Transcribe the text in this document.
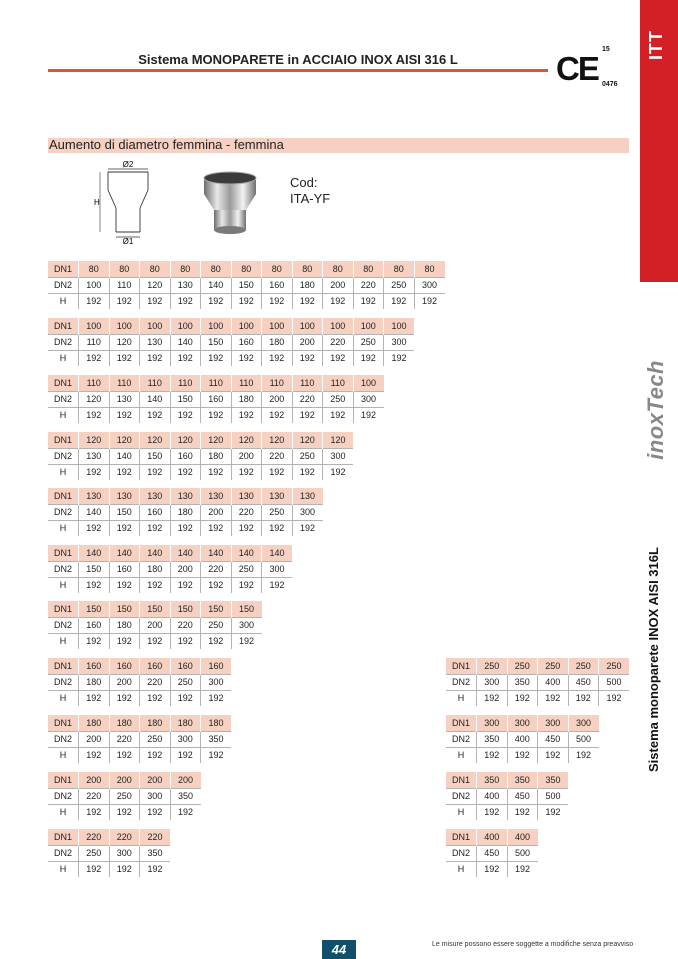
Sistema MONOPARETE in ACCIAIO INOX AISI 316 L	CE
15
0476
ITT
inoxTech
Sistema monoparete INOX AISI 316L
Aumento di diametro femmina - femmina
Ø2
H
Ø1
Cod:
ITA-YF
DN1	80	80	80	80	80	80	80	80	80	80	80	80
DN2	100	110	120	130	140	150	160	180	200	220	250	300
H	192	192	192	192	192	192	192	192	192	192	192	192
DN1	100	100	100	100	100	100	100	100	100	100	100
DN2	110	120	130	140	150	160	180	200	220	250	300
H	192	192	192	192	192	192	192	192	192	192	192
DN1	110	110	110	110	110	110	110	110	110	100
DN2	120	130	140	150	160	180	200	220	250	300
H	192	192	192	192	192	192	192	192	192	192
DN1	120	120	120	120	120	120	120	120	120
DN2	130	140	150	160	180	200	220	250	300
H	192	192	192	192	192	192	192	192	192
DN1	130	130	130	130	130	130	130	130
DN2	140	150	160	180	200	220	250	300
H	192	192	192	192	192	192	192	192
DN1	140	140	140	140	140	140	140
DN2	150	160	180	200	220	250	300
H	192	192	192	192	192	192	192
DN1	150	150	150	150	150	150
DN2	160	180	200	220	250	300
H	192	192	192	192	192	192
DN1	160	160	160	160	160
DN2	180	200	220	250	300
H	192	192	192	192	192
DN1	180	180	180	180	180
DN2	200	220	250	300	350
H	192	192	192	192	192
DN1	200	200	200	200
DN2	220	250	300	350
H	192	192	192	192
DN1	220	220	220
DN2	250	300	350
H	192	192	192
DN1	250	250	250	250	250
DN2	300	350	400	450	500
H	192	192	192	192	192
DN1	300	300	300	300
DN2	350	400	450	500
H	192	192	192	192
DN1	350	350	350
DN2	400	450	500
H	192	192	192
DN1	400	400
DN2	450	500
H	192	192
44	Le misure possono essere soggette a modifiche senza preavviso
